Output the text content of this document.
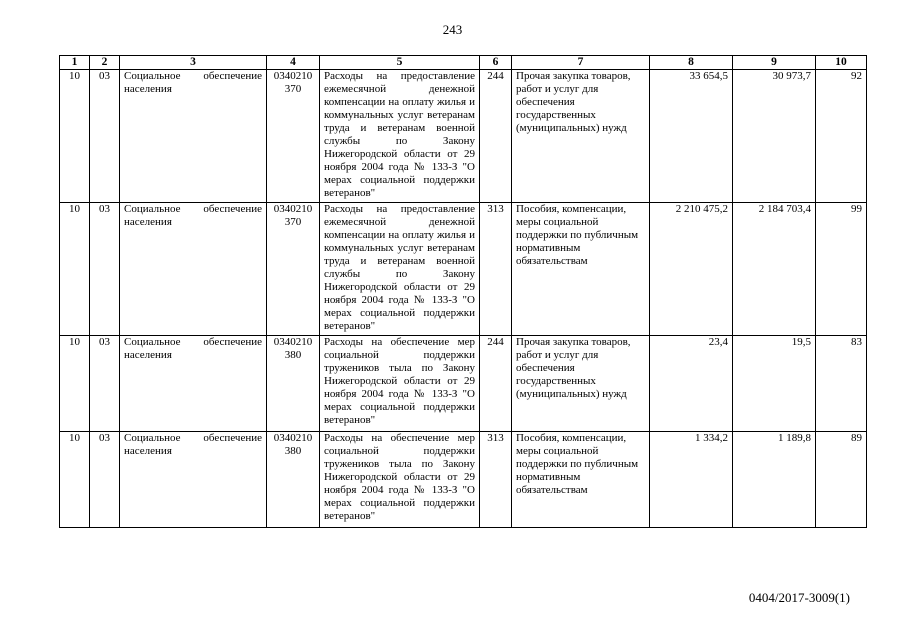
243
1	2	3	4	5	6	7	8	9	10
10	03	Социальное обеспечение населения	0340210 370	Расходы на предоставление ежемесячной денежной компенсации на оплату жилья и коммунальных услуг ветеранам труда и ветеранам военной службы по Закону Нижегородской области от 29 ноября 2004 года № 133-З "О мерах социальной поддержки ветеранов"	244	Прочая закупка товаров, работ и услуг для обеспечения государственных (муниципальных) нужд	33 654,5	30 973,7	92
10	03	Социальное обеспечение населения	0340210 370	Расходы на предоставление ежемесячной денежной компенсации на оплату жилья и коммунальных услуг ветеранам труда и ветеранам военной службы по Закону Нижегородской области от 29 ноября 2004 года № 133-З "О мерах социальной поддержки ветеранов"	313	Пособия, компенсации, меры социальной поддержки по публичным нормативным обязательствам	2 210 475,2	2 184 703,4	99
10	03	Социальное обеспечение населения	0340210 380	Расходы на обеспечение мер социальной поддержки тружеников тыла по Закону Нижегородской области от 29 ноября 2004 года № 133-З "О мерах социальной поддержки ветеранов"	244	Прочая закупка товаров, работ и услуг для обеспечения государственных (муниципальных) нужд	23,4	19,5	83
10	03	Социальное обеспечение населения	0340210 380	Расходы на обеспечение мер социальной поддержки тружеников тыла по Закону Нижегородской области от 29 ноября 2004 года № 133-З "О мерах социальной поддержки ветеранов"	313	Пособия, компенсации, меры социальной поддержки по публичным нормативным обязательствам	1 334,2	1 189,8	89
0404/2017-3009(1)
